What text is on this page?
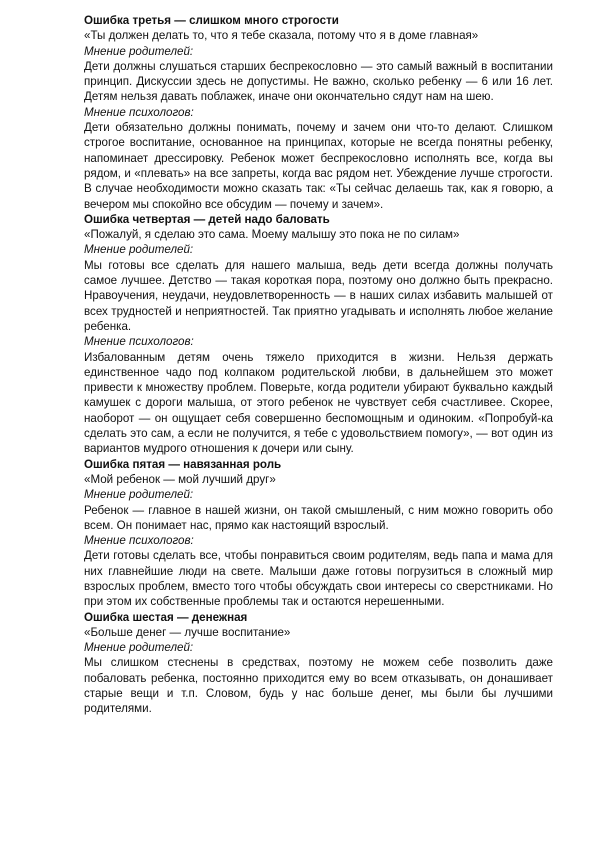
Ошибка третья — слишком много строгости

«Ты должен делать то, что я тебе сказала, потому что я в доме главная»

Мнение родителей:

Дети должны слушаться старших беспрекословно — это самый важный в воспитании принцип. Дискуссии здесь не допустимы. Не важно, сколько ребенку — 6 или 16 лет. Детям нельзя давать поблажек, иначе они окончательно сядут нам на шею.

Мнение психологов:

Дети обязательно должны понимать, почему и зачем они что-то делают. Слишком строгое воспитание, основанное на принципах, которые не всегда понятны ребенку, напоминает дрессировку. Ребенок может беспрекословно исполнять все, когда вы рядом, и «плевать» на все запреты, когда вас рядом нет. Убеждение лучше строгости. В случае необходимости можно сказать так: «Ты сейчас делаешь так, как я говорю, а вечером мы спокойно все обсудим — почему и зачем».

Ошибка четвертая — детей надо баловать

«Пожалуй, я сделаю это сама. Моему малышу это пока не по силам»

Мнение родителей:

Мы готовы все сделать для нашего малыша, ведь дети всегда должны получать самое лучшее. Детство — такая короткая пора, поэтому оно должно быть прекрасно. Нравоучения, неудачи, неудовлетворенность — в наших силах избавить малышей от всех трудностей и неприятностей. Так приятно угадывать и исполнять любое желание ребенка.

Мнение психологов:

Избалованным детям очень тяжело приходится в жизни. Нельзя держать единственное чадо под колпаком родительской любви, в дальнейшем это может привести к множеству проблем. Поверьте, когда родители убирают буквально каждый камушек с дороги малыша, от этого ребенок не чувствует себя счастливее. Скорее, наоборот — он ощущает себя совершенно беспомощным и одиноким. «Попробуй-ка сделать это сам, а если не получится, я тебе с удовольствием помогу», — вот один из вариантов мудрого отношения к дочери или сыну.

Ошибка пятая — навязанная роль

«Мой ребенок — мой лучший друг»

Мнение родителей:

Ребенок — главное в нашей жизни, он такой смышленый, с ним можно говорить обо всем. Он понимает нас, прямо как настоящий взрослый.

Мнение психологов:

Дети готовы сделать все, чтобы понравиться своим родителям, ведь папа и мама для них главнейшие люди на свете. Малыши даже готовы погрузиться в сложный мир взрослых проблем, вместо того чтобы обсуждать свои интересы со сверстниками. Но при этом их собственные проблемы так и остаются нерешенными.

Ошибка шестая — денежная

«Больше денег — лучше воспитание»

Мнение родителей:

Мы слишком стеснены в средствах, поэтому не можем себе позволить даже побаловать ребенка, постоянно приходится ему во всем отказывать, он донашивает старые вещи и т.п. Словом, будь у нас больше денег, мы были бы лучшими родителями.
